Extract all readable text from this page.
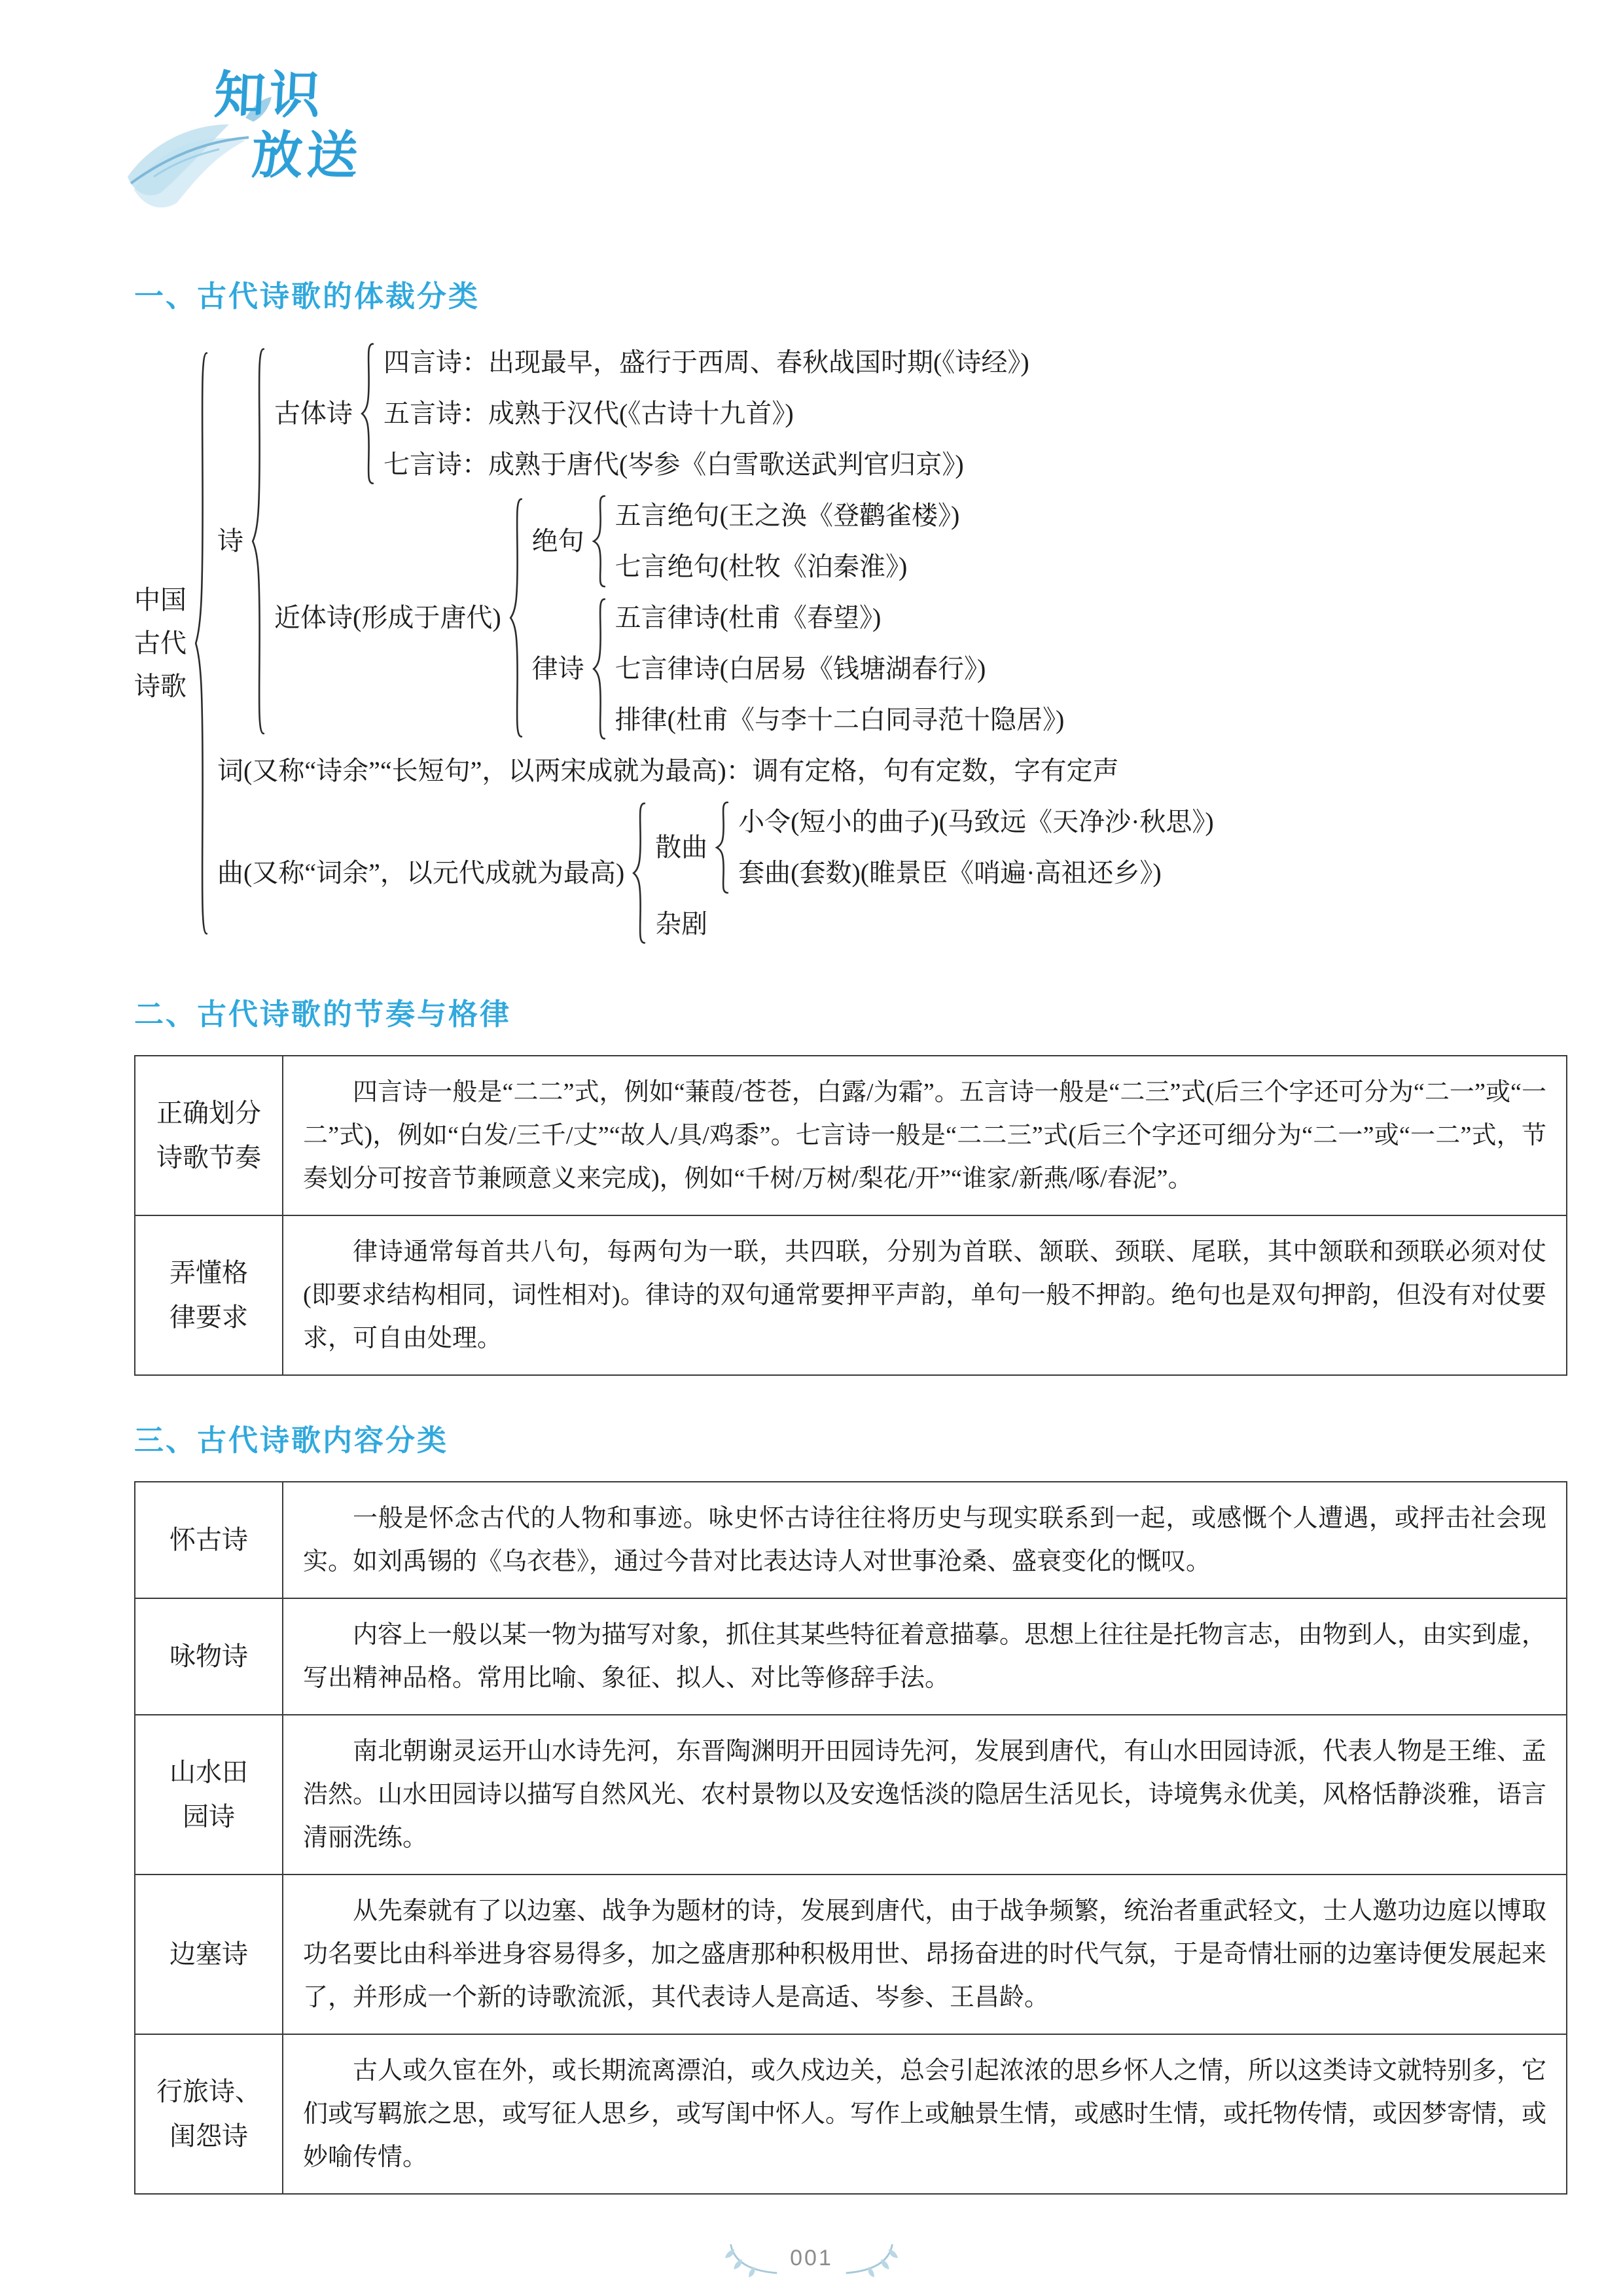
知识
放送
一、古代诗歌的体裁分类
中国古代诗歌
诗
古体诗
四言诗：出现最早，盛行于西周、春秋战国时期(《诗经》)
五言诗：成熟于汉代(《古诗十九首》)
七言诗：成熟于唐代(岑参《白雪歌送武判官归京》)
近体诗(形成于唐代)
绝句
五言绝句(王之涣《登鹳雀楼》)
七言绝句(杜牧《泊秦淮》)
律诗
五言律诗(杜甫《春望》)
七言律诗(白居易《钱塘湖春行》)
排律(杜甫《与李十二白同寻范十隐居》)
词(又称“诗余”“长短句”，以两宋成就为最高)：调有定格，句有定数，字有定声
曲(又称“词余”，以元代成就为最高)
散曲
小令(短小的曲子)(马致远《天净沙·秋思》)
套曲(套数)(睢景臣《哨遍·高祖还乡》)
杂剧
二、古代诗歌的节奏与格律
正确划分诗歌节奏
四言诗一般是“二二”式，例如“蒹葭/苍苍，白露/为霜”。五言诗一般是“二三”式(后三个字还可分为“二一”或“一二”式)，例如“白发/三千/丈”“故人/具/鸡黍”。七言诗一般是“二二三”式(后三个字还可细分为“二一”或“一二”式，节奏划分可按音节兼顾意义来完成)，例如“千树/万树/梨花/开”“谁家/新燕/啄/春泥”。
弄懂格律要求
律诗通常每首共八句，每两句为一联，共四联，分别为首联、颔联、颈联、尾联，其中颔联和颈联必须对仗(即要求结构相同，词性相对)。律诗的双句通常要押平声韵，单句一般不押韵。绝句也是双句押韵，但没有对仗要求，可自由处理。
三、古代诗歌内容分类
怀古诗
一般是怀念古代的人物和事迹。咏史怀古诗往往将历史与现实联系到一起，或感慨个人遭遇，或抨击社会现实。如刘禹锡的《乌衣巷》，通过今昔对比表达诗人对世事沧桑、盛衰变化的慨叹。
咏物诗
内容上一般以某一物为描写对象，抓住其某些特征着意描摹。思想上往往是托物言志，由物到人，由实到虚，写出精神品格。常用比喻、象征、拟人、对比等修辞手法。
山水田园诗
南北朝谢灵运开山水诗先河，东晋陶渊明开田园诗先河，发展到唐代，有山水田园诗派，代表人物是王维、孟浩然。山水田园诗以描写自然风光、农村景物以及安逸恬淡的隐居生活见长，诗境隽永优美，风格恬静淡雅，语言清丽洗练。
边塞诗
从先秦就有了以边塞、战争为题材的诗，发展到唐代，由于战争频繁，统治者重武轻文，士人邀功边庭以博取功名要比由科举进身容易得多，加之盛唐那种积极用世、昂扬奋进的时代气氛，于是奇情壮丽的边塞诗便发展起来了，并形成一个新的诗歌流派，其代表诗人是高适、岑参、王昌龄。
行旅诗、闺怨诗
古人或久宦在外，或长期流离漂泊，或久戍边关，总会引起浓浓的思乡怀人之情，所以这类诗文就特别多，它们或写羁旅之思，或写征人思乡，或写闺中怀人。写作上或触景生情，或感时生情，或托物传情，或因梦寄情，或妙喻传情。
001
